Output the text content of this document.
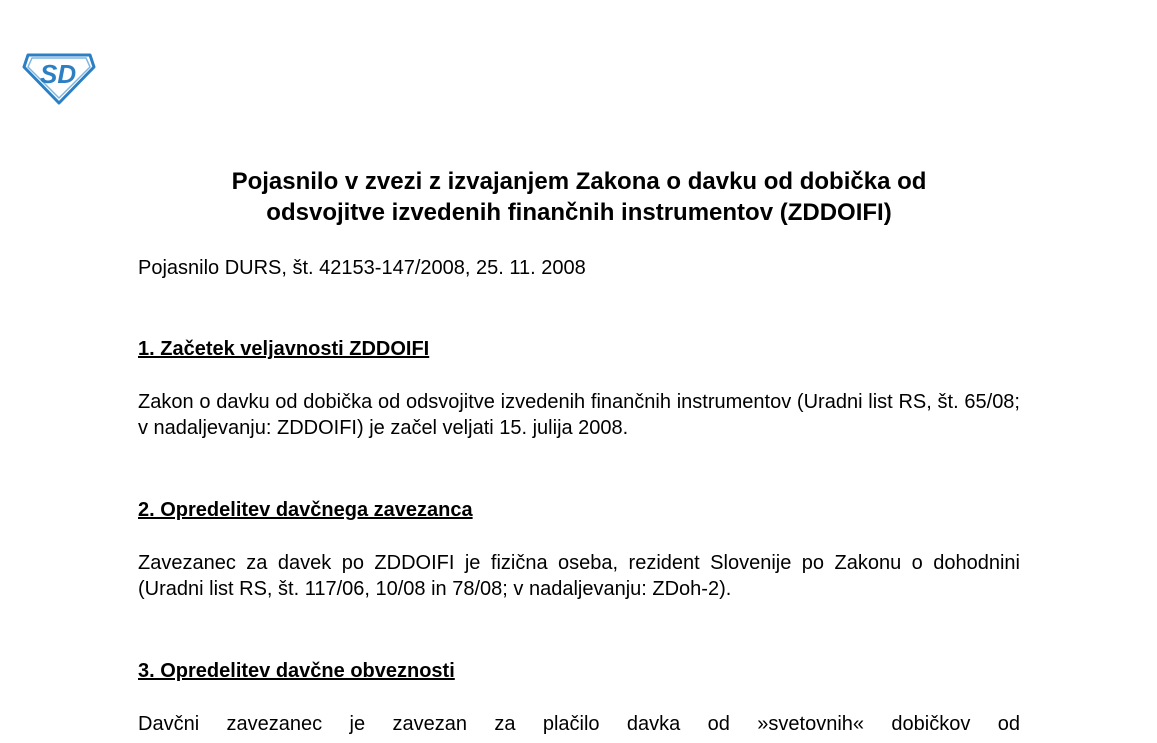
SD
Pojasnilo v zvezi z izvajanjem Zakona o davku od dobička od
odsvojitve izvedenih finančnih instrumentov (ZDDOIFI)

Pojasnilo DURS, št. 42153-147/2008, 25. 11. 2008

1. Začetek veljavnosti ZDDOIFI

Zakon o davku od dobička od odsvojitve izvedenih finančnih instrumentov (Uradni list RS, št. 65/08; v nadaljevanju: ZDDOIFI) je začel veljati 15. julija 2008.

2. Opredelitev davčnega zavezanca

Zavezanec za davek po ZDDOIFI je fizična oseba, rezident Slovenije po Zakonu o dohodnini (Uradni list RS, št. 117/06, 10/08 in 78/08; v nadaljevanju: ZDoh-2).

3. Opredelitev davčne obveznosti

Davčni zavezanec je zavezan za plačilo davka od »svetovnih« dobičkov od
